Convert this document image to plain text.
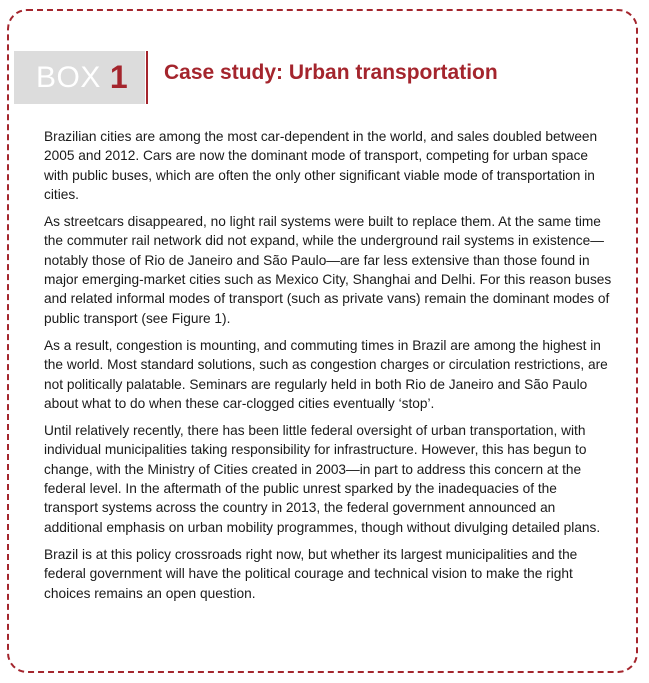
BOX 1 Case study: Urban transportation

Brazilian cities are among the most car-dependent in the world, and sales doubled between 2005 and 2012. Cars are now the dominant mode of transport, competing for urban space with public buses, which are often the only other significant viable mode of transportation in cities.

As streetcars disappeared, no light rail systems were built to replace them. At the same time the commuter rail network did not expand, while the underground rail systems in existence—notably those of Rio de Janeiro and São Paulo—are far less extensive than those found in major emerging-market cities such as Mexico City, Shanghai and Delhi. For this reason buses and related informal modes of transport (such as private vans) remain the dominant modes of public transport (see Figure 1).

As a result, congestion is mounting, and commuting times in Brazil are among the highest in the world. Most standard solutions, such as congestion charges or circulation restrictions, are not politically palatable. Seminars are regularly held in both Rio de Janeiro and São Paulo about what to do when these car-clogged cities eventually ‘stop’.

Until relatively recently, there has been little federal oversight of urban transportation, with individual municipalities taking responsibility for infrastructure. However, this has begun to change, with the Ministry of Cities created in 2003—in part to address this concern at the federal level. In the aftermath of the public unrest sparked by the inadequacies of the transport systems across the country in 2013, the federal government announced an additional emphasis on urban mobility programmes, though without divulging detailed plans.

Brazil is at this policy crossroads right now, but whether its largest municipalities and the federal government will have the political courage and technical vision to make the right choices remains an open question.
